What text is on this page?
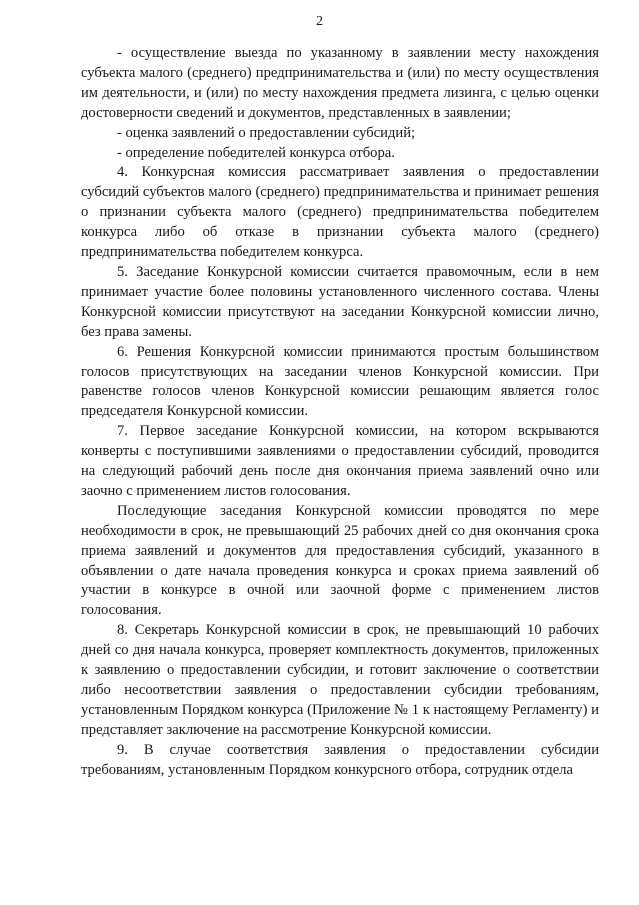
2

- осуществление выезда по указанному в заявлении месту нахождения субъекта малого (среднего) предпринимательства и (или) по месту осуществления им деятельности, и (или) по месту нахождения предмета лизинга, с целью оценки достоверности сведений и документов, представленных в заявлении;

- оценка заявлений о предоставлении субсидий;

- определение победителей конкурса отбора.

4. Конкурсная комиссия рассматривает заявления о предоставлении субсидий субъектов малого (среднего) предпринимательства и принимает решения о признании субъекта малого (среднего) предпринимательства победителем конкурса либо об отказе в признании субъекта малого (среднего) предпринимательства победителем конкурса.

5. Заседание Конкурсной комиссии считается правомочным, если в нем принимает участие более половины установленного численного состава. Члены Конкурсной комиссии присутствуют на заседании Конкурсной комиссии лично, без права замены.

6. Решения Конкурсной комиссии принимаются простым большинством голосов присутствующих на заседании членов Конкурсной комиссии. При равенстве голосов членов Конкурсной комиссии решающим является голос председателя Конкурсной комиссии.

7. Первое заседание Конкурсной комиссии, на котором вскрываются конверты с поступившими заявлениями о предоставлении субсидий, проводится на следующий рабочий день после дня окончания приема заявлений очно или заочно с применением листов голосования.

Последующие заседания Конкурсной комиссии проводятся по мере необходимости в срок, не превышающий 25 рабочих дней со дня окончания срока приема заявлений и документов для предоставления субсидий, указанного в объявлении о дате начала проведения конкурса и сроках приема заявлений об участии в конкурсе в очной или заочной форме с применением листов голосования.

8. Секретарь Конкурсной комиссии в срок, не превышающий 10 рабочих дней со дня начала конкурса, проверяет комплектность документов, приложенных к заявлению о предоставлении субсидии, и готовит заключение о соответствии либо несоответствии заявления о предоставлении субсидии требованиям, установленным Порядком конкурса (Приложение № 1 к настоящему Регламенту) и представляет заключение на рассмотрение Конкурсной комиссии.

9. В случае соответствия заявления о предоставлении субсидии требованиям, установленным Порядком конкурсного отбора, сотрудник отдела
